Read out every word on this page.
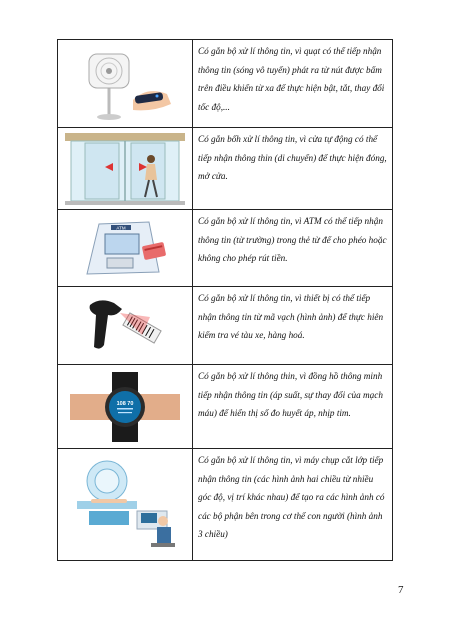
	Có gắn bộ xử lí thông tin, vì quạt có thể tiếp nhận thông tin (sóng vô tuyến) phát ra từ nút được bấm trên điều khiển từ xa để thực hiện bật, tắt, thay đổi tốc độ,...

	Có gắn bốh xử lí thông tin, vì cửa tự động có thể tiếp nhận thông thin (di chuyển) để thực hiện đóng, mở cửa.

ATM	Có gắn bộ xử lí thông tin, vì ATM có thể tiếp nhận thông tin (từ trường) trong thẻ từ để cho phéo hoặc không cho phép rút tiền.

	Có gắn bộ xử lí thông tin, vì thiết bị có thể tiếp nhận thông tin từ mã vạch (hình ảnh) để thực hiên kiểm tra vé tàu xe, hàng hoá.

108 70	Có gắn bộ xử lí thông thin, vì đồng hồ thông minh tiếp nhận thông tin (áp suất, sự thay đổi của mạch máu) để hiển thị số đo huyết áp, nhịp tim.

	Có gắn bộ xử lí thông tin, vì máy chụp cắt lớp tiếp nhận thông tin (các hình ảnh hai chiều từ nhiều góc độ, vị trí khác nhau) để tạo ra các hình ảnh có các bộ phận bên trong cơ thể con người (hình ảnh 3 chiều)
7
